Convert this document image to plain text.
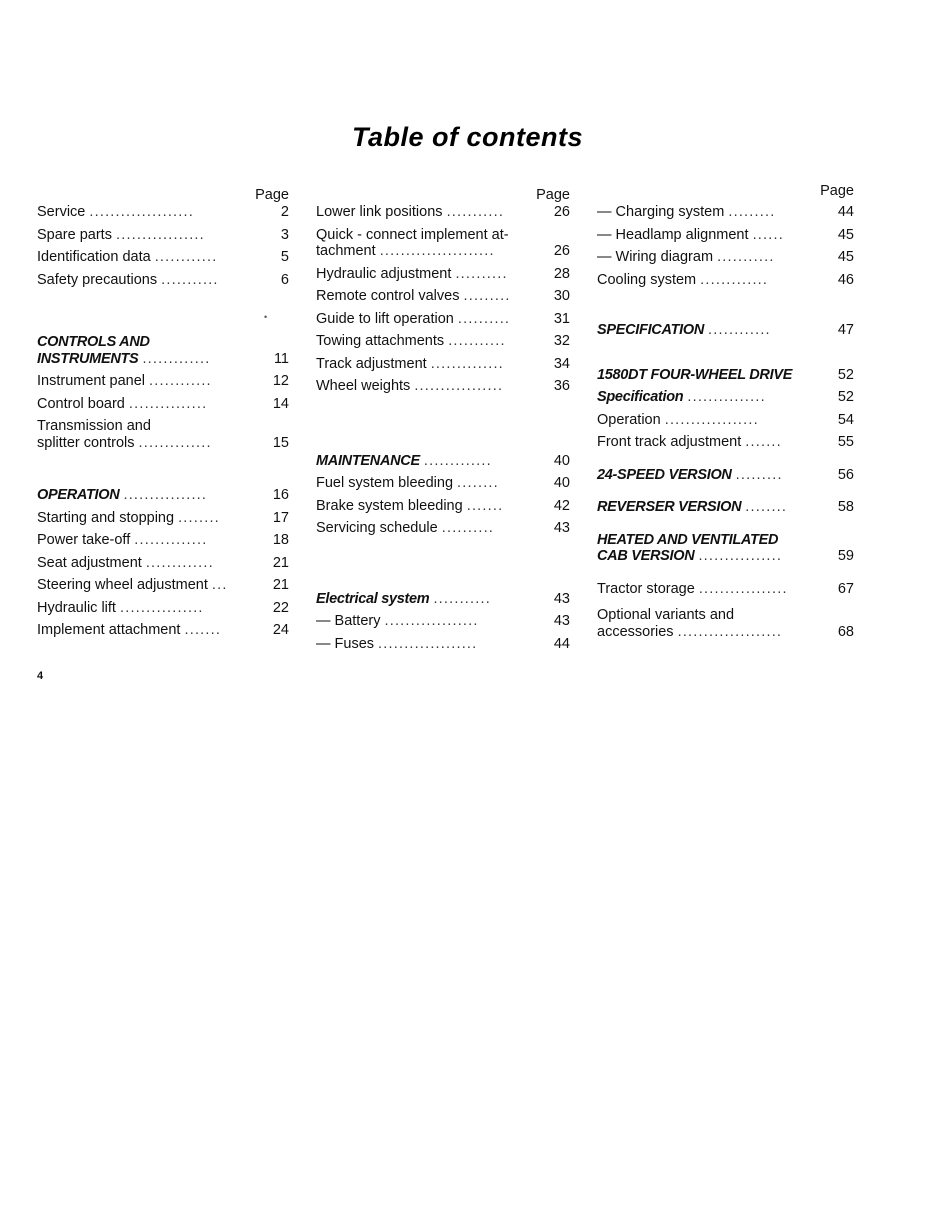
Table of contents
Page
Service ....................	2
Spare parts .................	3
Identification data ............	5
Safety precautions ...........	6
CONTROLS AND
INSTRUMENTS .............	11
Instrument panel ............	12
Control board ...............	14
Transmission and
splitter controls ..............	15
OPERATION ................	16
Starting and stopping ........	17
Power take-off ..............	18
Seat adjustment .............	21
Steering wheel adjustment ...	21
Hydraulic lift ................	22
Implement attachment .......	24
•
Page
Lower link positions ...........	26
Quick - connect implement at-
tachment ......................	26
Hydraulic adjustment ..........	28
Remote control valves .........	30
Guide to lift operation ..........	31
Towing attachments ...........	32
Track adjustment ..............	34
Wheel weights .................	36
MAINTENANCE .............	40
Fuel system bleeding ........	40
Brake system bleeding .......	42
Servicing schedule ..........	43
Electrical system ...........	43
— Battery ..................	43
— Fuses ...................	44
Page
— Charging system .........	44
— Headlamp alignment ......	45
— Wiring diagram ...........	45
Cooling system .............	46
SPECIFICATION ............	47
1580DT FOUR-WHEEL DRIVE	52
Specification ...............	52
Operation ..................	54
Front track adjustment .......	55
24-SPEED VERSION .........	56
REVERSER VERSION ........	58
HEATED AND VENTILATED
CAB VERSION ................	59
Tractor storage .................	67
Optional variants and
accessories ....................	68
4
